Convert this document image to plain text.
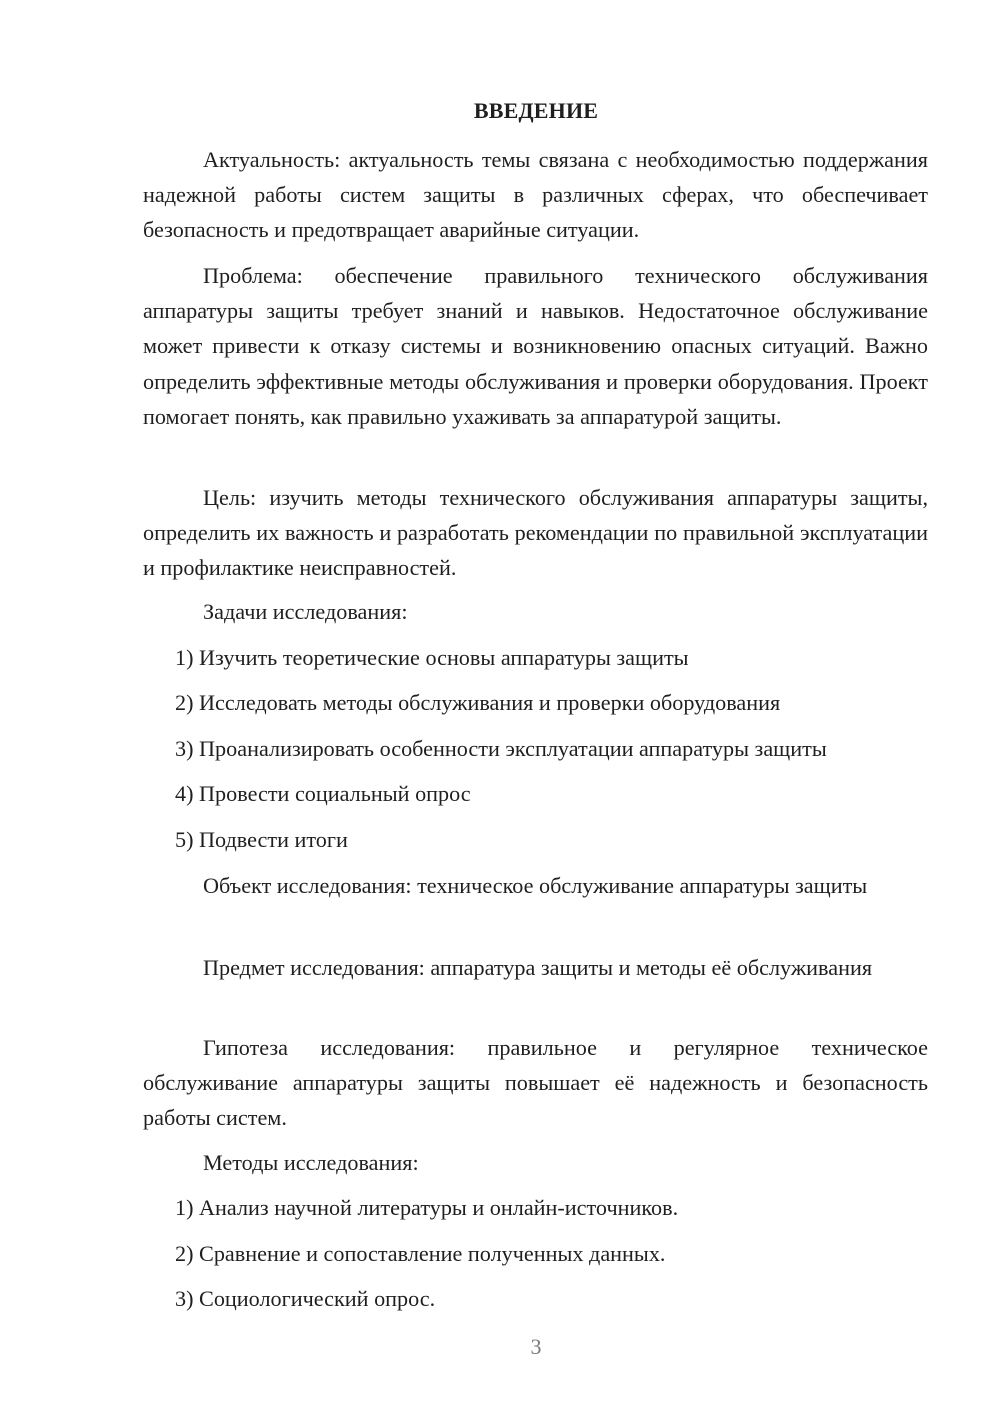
ВВЕДЕНИЕ

Актуальность: актуальность темы связана с необходимостью поддержания надежной работы систем защиты в различных сферах, что обеспечивает безопасность и предотвращает аварийные ситуации.

Проблема: обеспечение правильного технического обслуживания аппаратуры защиты требует знаний и навыков. Недостаточное обслуживание может привести к отказу системы и возникновению опасных ситуаций. Важно определить эффективные методы обслуживания и проверки оборудования. Проект помогает понять, как правильно ухаживать за аппаратурой защиты.

Цель: изучить методы технического обслуживания аппаратуры защиты, определить их важность и разработать рекомендации по правильной эксплуатации и профилактике неисправностей.

Задачи исследования:
1) Изучить теоретические основы аппаратуры защиты
2) Исследовать методы обслуживания и проверки оборудования
3) Проанализировать особенности эксплуатации аппаратуры защиты
4) Провести социальный опрос
5) Подвести итоги

Объект исследования: техническое обслуживание аппаратуры защиты

Предмет исследования: аппаратура защиты и методы её обслуживания

Гипотеза исследования: правильное и регулярное техническое обслуживание аппаратуры защиты повышает её надежность и безопасность работы систем.

Методы исследования:
1) Анализ научной литературы и онлайн-источников.
2) Сравнение и сопоставление полученных данных.
3) Социологический опрос.
3
